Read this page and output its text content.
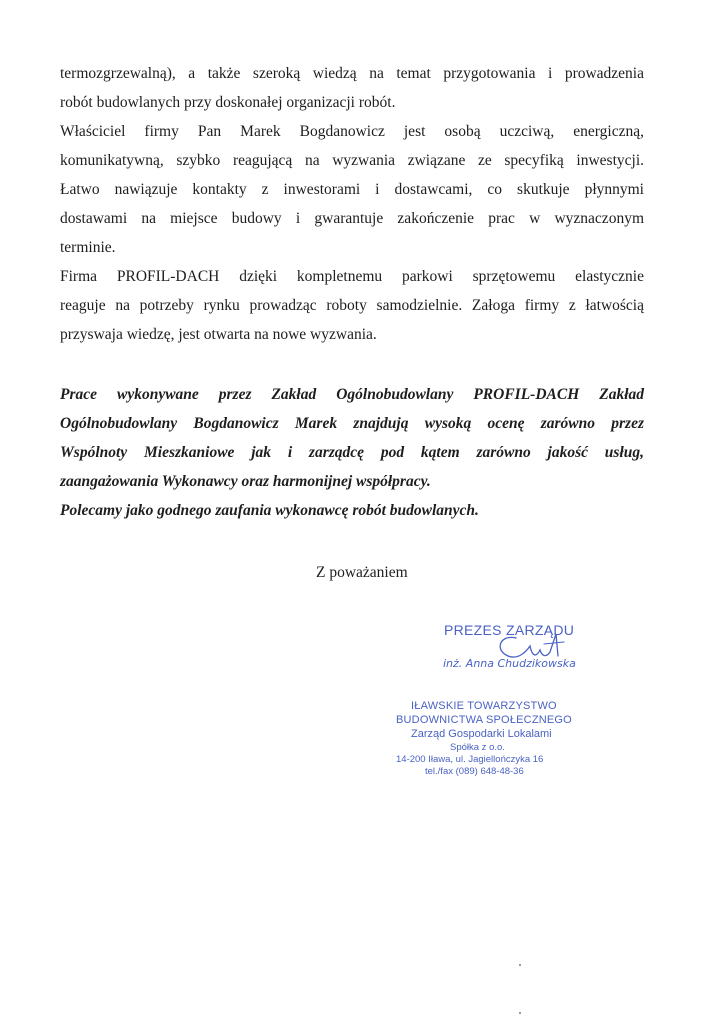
termozgrzewalną), a także szeroką wiedzą na temat przygotowania i prowadzenia
robót budowlanych przy doskonałej organizacji robót.
Właściciel firmy Pan Marek Bogdanowicz jest osobą uczciwą, energiczną,
komunikatywną, szybko reagującą na wyzwania związane ze specyfiką inwestycji.
Łatwo nawiązuje kontakty z inwestorami i dostawcami, co skutkuje płynnymi
dostawami na miejsce budowy i gwarantuje zakończenie prac w wyznaczonym
terminie.
Firma PROFIL-DACH dzięki kompletnemu parkowi sprzętowemu elastycznie
reaguje na potrzeby rynku prowadząc roboty samodzielnie. Załoga firmy z łatwością
przyswaja wiedzę, jest otwarta na nowe wyzwania.
Prace wykonywane przez Zakład Ogólnobudowlany PROFIL-DACH Zakład
Ogólnobudowlany Bogdanowicz Marek znajdują wysoką ocenę zarówno przez
Wspólnoty Mieszkaniowe jak i zarządcę pod kątem zarówno jakość usług,
zaangażowania Wykonawcy oraz harmonijnej współpracy.
Polecamy jako godnego zaufania wykonawcę robót budowlanych.
Z poważaniem
PREZES ZARZĄDU
inż. Anna Chudzikowska
IŁAWSKIE TOWARZYSTWO
BUDOWNICTWA SPOŁECZNEGO
Zarząd Gospodarki Lokalami
Spółka z o.o.
14-200 Iława, ul. Jagiellończyka 16
tel./fax (089) 648-48-36
